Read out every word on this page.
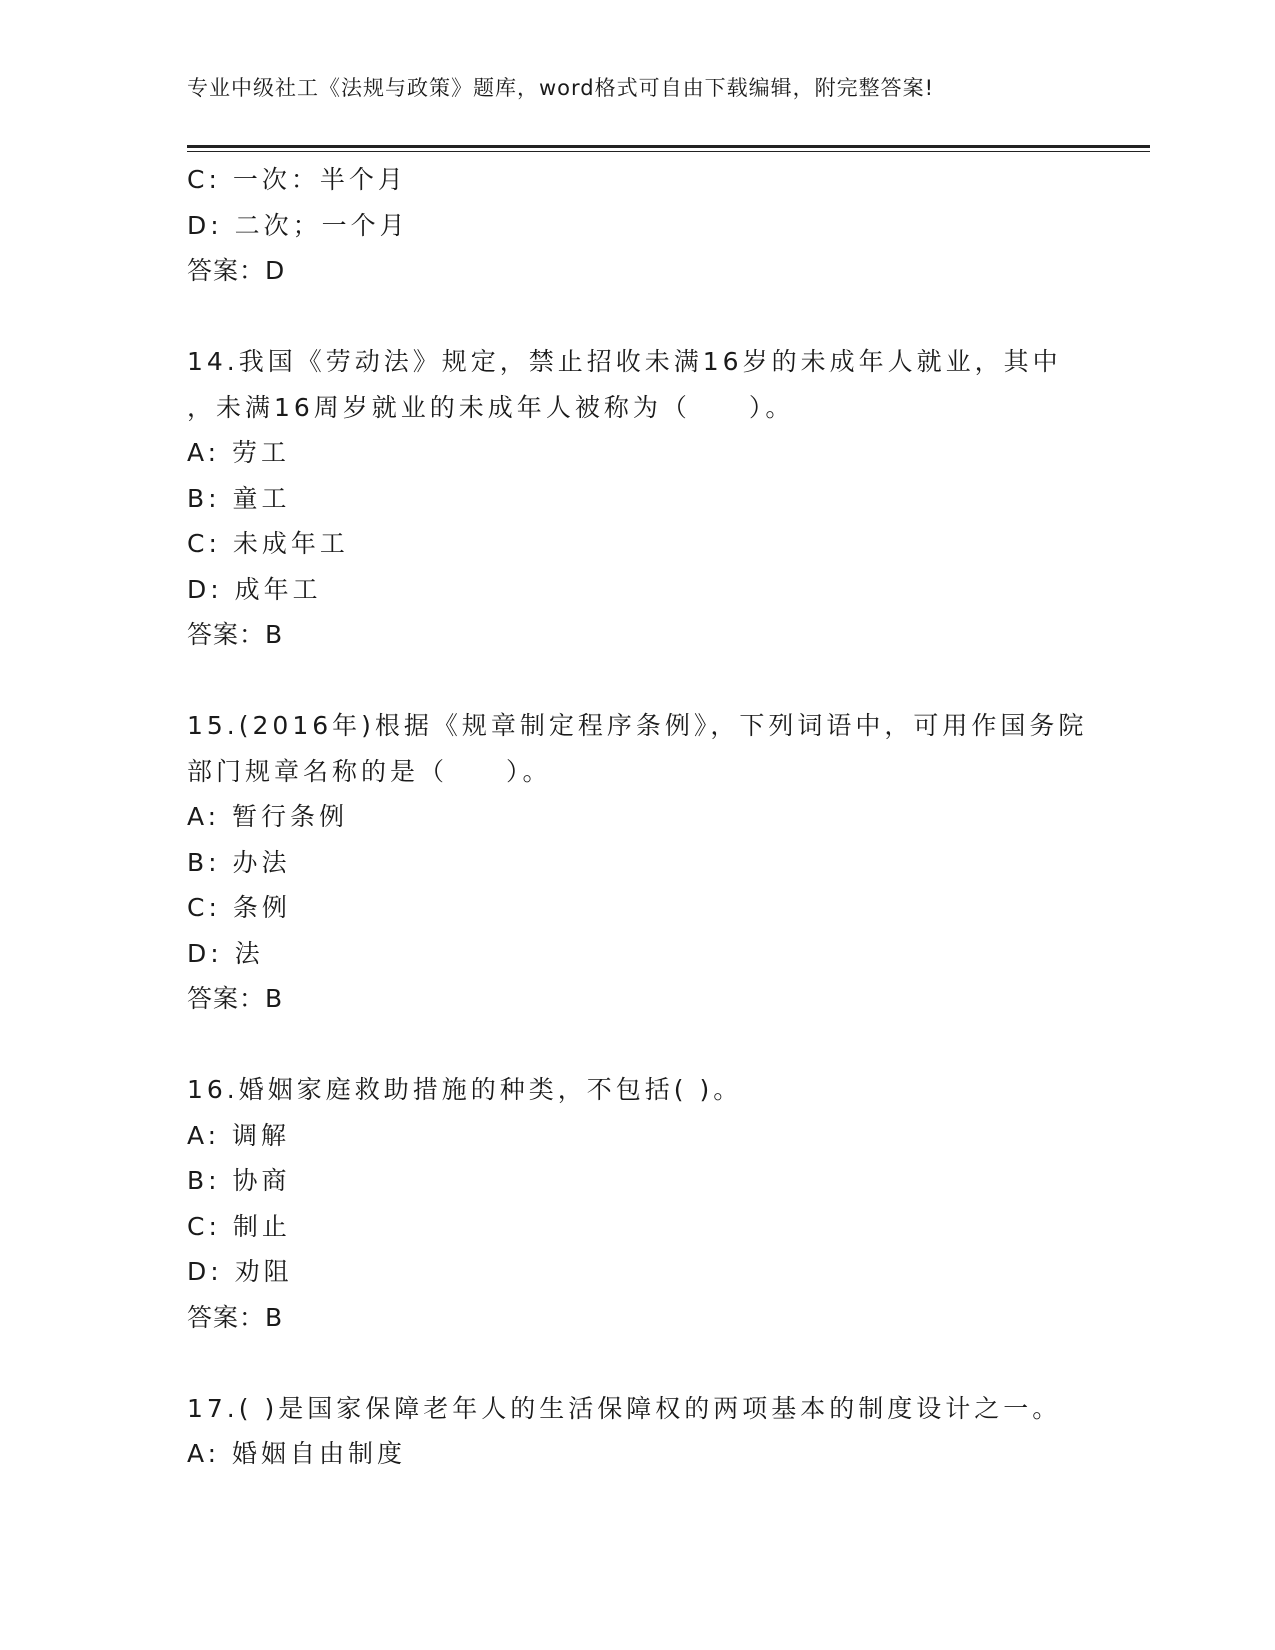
专业中级社工《法规与政策》题库，word格式可自由下载编辑，附完整答案!
C: 一次：半个月
D: 二次；一个月
答案：D
14.我国《劳动法》规定，禁止招收未满16岁的未成年人就业，其中
，未满16周岁就业的未成年人被称为（　　）。
A: 劳工
B: 童工
C: 未成年工
D: 成年工
答案：B
15.(2016年)根据《规章制定程序条例》，下列词语中，可用作国务院
部门规章名称的是（　　）。
A: 暂行条例
B: 办法
C: 条例
D: 法
答案：B
16.婚姻家庭救助措施的种类，不包括( )。
A: 调解
B: 协商
C: 制止
D: 劝阻
答案：B
17.( )是国家保障老年人的生活保障权的两项基本的制度设计之一。
A: 婚姻自由制度
